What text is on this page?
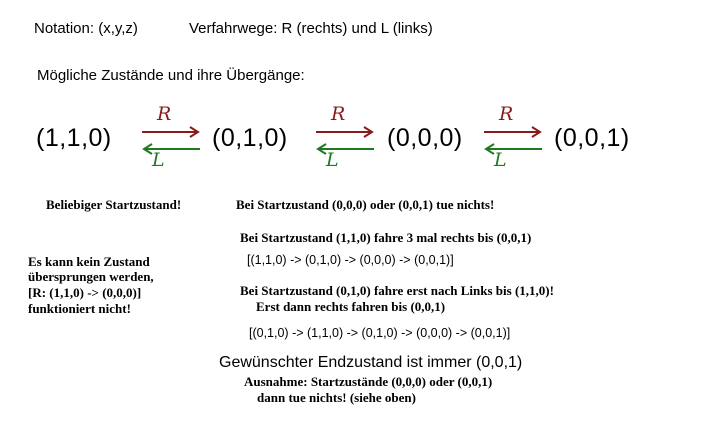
Notation: (x,y,z)	Verfahrwege: R (rechts) und L (links)
Mögliche Zustände und ihre Übergänge:
(1,1,0)	(0,1,0)	(0,0,0)	(0,0,1)
R
L
R
L
R
L
Beliebiger Startzustand!
Es kann kein Zustand
übersprungen werden,
[R: (1,1,0) -> (0,0,0)]
funktioniert nicht!
Bei Startzustand (0,0,0) oder (0,0,1) tue nichts!
Bei Startzustand (1,1,0) fahre 3 mal rechts bis (0,0,1)
[(1,1,0) -> (0,1,0) -> (0,0,0) -> (0,0,1)]
Bei Startzustand (0,1,0) fahre erst nach Links bis (1,1,0)!
Erst dann rechts fahren bis (0,0,1)
[(0,1,0) -> (1,1,0) -> (0,1,0) -> (0,0,0) -> (0,0,1)]
Gewünschter Endzustand ist immer (0,0,1)
Ausnahme: Startzustände (0,0,0) oder (0,0,1)
dann tue nichts! (siehe oben)
